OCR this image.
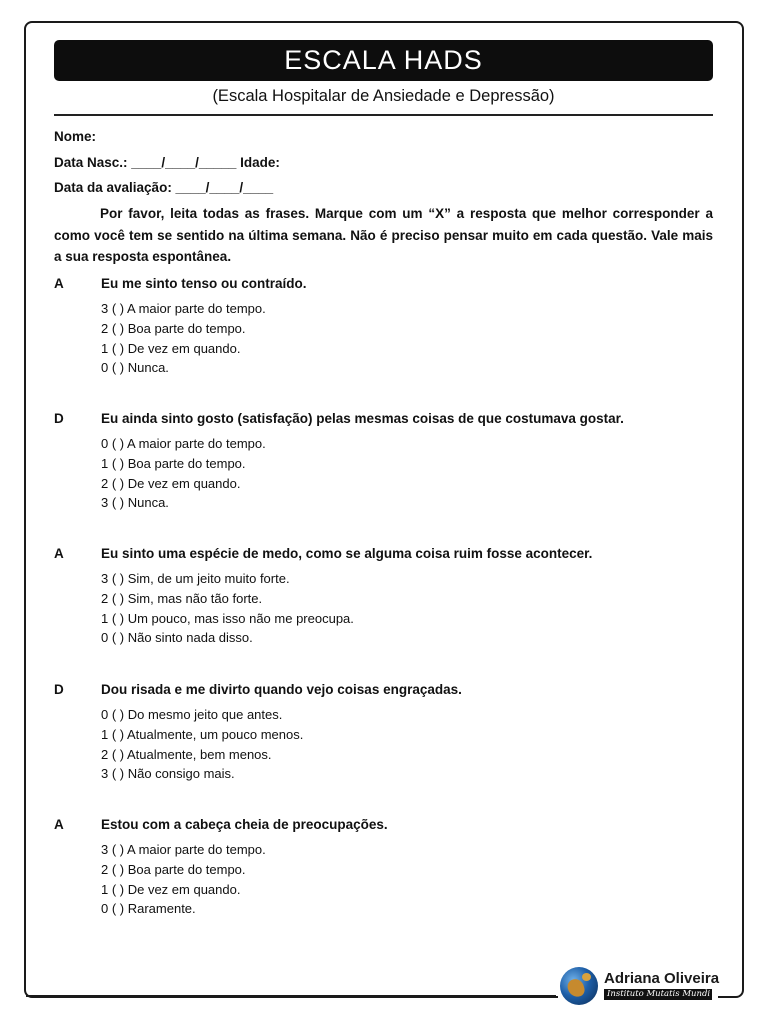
ESCALA HADS
(Escala Hospitalar de Ansiedade e Depressão)
Nome:
Data Nasc.: ____/____/_____ Idade:
Data da avaliação: ____/____/____
Por favor, leita todas as frases. Marque com um “X” a resposta que melhor corresponder a como você tem se sentido na última semana. Não é preciso pensar muito em cada questão. Vale mais a sua resposta espontânea.
A	Eu me sinto tenso ou contraído.
3 ( ) A maior parte do tempo.
2 ( ) Boa parte do tempo.
1 ( ) De vez em quando.
0 ( ) Nunca.
D	Eu ainda sinto gosto (satisfação) pelas mesmas coisas de que costumava gostar.
0 ( ) A maior parte do tempo.
1 ( ) Boa parte do tempo.
2 ( ) De vez em quando.
3 ( ) Nunca.
A	Eu sinto uma espécie de medo, como se alguma coisa ruim fosse acontecer.
3 ( ) Sim, de um jeito muito forte.
2 ( ) Sim, mas não tão forte.
1 ( ) Um pouco, mas isso não me preocupa.
0 ( ) Não sinto nada disso.
D	Dou risada e me divirto quando vejo coisas engraçadas.
0 ( ) Do mesmo jeito que antes.
1 ( ) Atualmente, um pouco menos.
2 ( ) Atualmente, bem menos.
3 ( ) Não consigo mais.
A	Estou com a cabeça cheia de preocupações.
3 ( ) A maior parte do tempo.
2 ( ) Boa parte do tempo.
1 ( ) De vez em quando.
0 ( ) Raramente.
Adriana Oliveira
Instituto Mutatis Mundi
